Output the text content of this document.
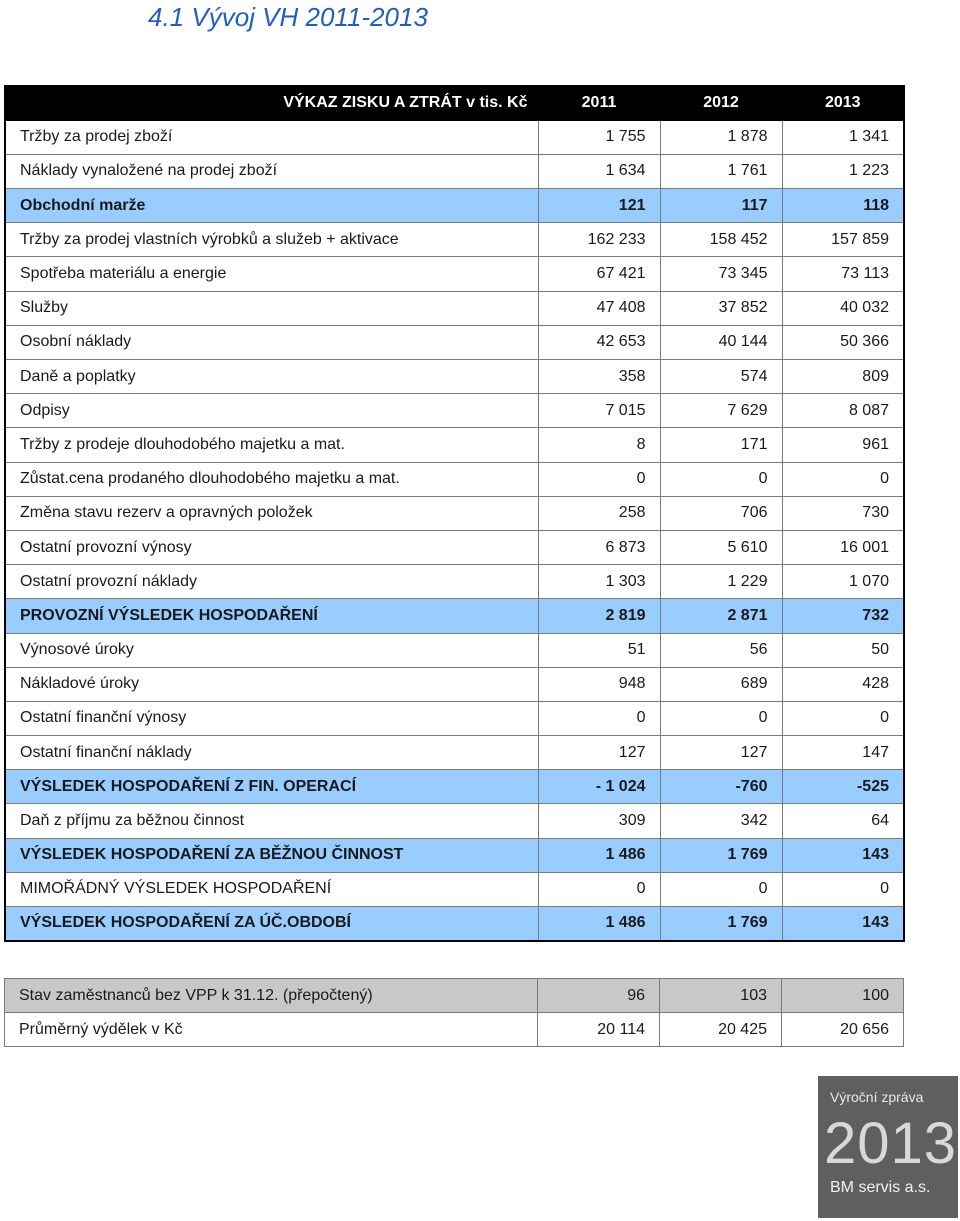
4.1 Vývoj VH 2011-2013
VÝKAZ ZISKU A ZTRÁT v tis. Kč	2011	2012	2013
Tržby za prodej zboží	1 755	1 878	1 341
Náklady vynaložené na prodej zboží	1 634	1 761	1 223
Obchodní marže	121	117	118
Tržby za prodej vlastních výrobků a služeb + aktivace	162 233	158 452	157 859
Spotřeba materiálu a energie	67 421	73 345	73 113
Služby	47 408	37 852	40 032
Osobní náklady	42 653	40 144	50 366
Daně a poplatky	358	574	809
Odpisy	7 015	7 629	8 087
Tržby z prodeje dlouhodobého majetku a mat.	8	171	961
Zůstat.cena prodaného dlouhodobého majetku a mat.	0	0	0
Změna stavu rezerv a opravných položek	258	706	730
Ostatní provozní výnosy	6 873	5 610	16 001
Ostatní provozní náklady	1 303	1 229	1 070
PROVOZNÍ VÝSLEDEK HOSPODAŘENÍ	2 819	2 871	732
Výnosové úroky	51	56	50
Nákladové úroky	948	689	428
Ostatní finanční výnosy	0	0	0
Ostatní finanční náklady	127	127	147
VÝSLEDEK HOSPODAŘENÍ Z FIN. OPERACÍ	- 1 024	-760	-525
Daň z příjmu za běžnou činnost	309	342	64
VÝSLEDEK HOSPODAŘENÍ ZA BĚŽNOU ČINNOST	1 486	1 769	143
MIMOŘÁDNÝ VÝSLEDEK HOSPODAŘENÍ	0	0	0
VÝSLEDEK HOSPODAŘENÍ ZA ÚČ.OBDOBÍ	1 486	1 769	143
Stav zaměstnanců bez VPP k 31.12. (přepočtený)	96	103	100
Průměrný výdělek v Kč	20 114	20 425	20 656
Výroční zpráva
2013
BM servis a.s.
